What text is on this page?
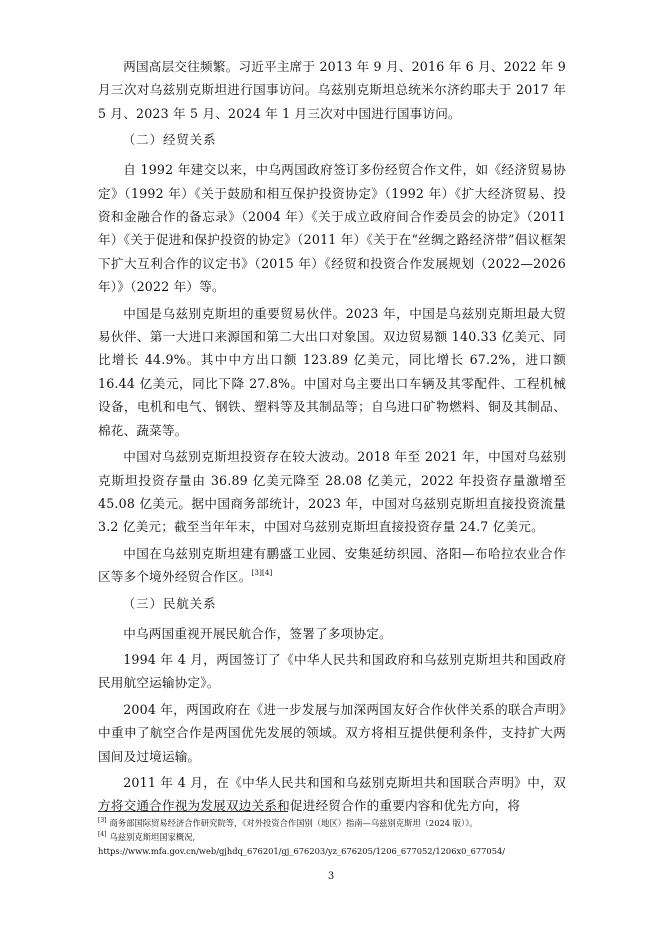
两国高层交往频繁。习近平主席于 2013 年 9 月、2016 年 6 月、2022 年 9 月三次对乌兹别克斯坦进行国事访问。乌兹别克斯坦总统米尔济约耶夫于 2017 年 5 月、2023 年 5 月、2024 年 1 月三次对中国进行国事访问。

（二）经贸关系

自 1992 年建交以来，中乌两国政府签订多份经贸合作文件，如《经济贸易协定》（1992 年）《关于鼓励和相互保护投资协定》（1992 年）《扩大经济贸易、投资和金融合作的备忘录》（2004 年）《关于成立政府间合作委员会的协定》（2011 年）《关于促进和保护投资的协定》（2011 年）《关于在“丝绸之路经济带”倡议框架下扩大互利合作的议定书》（2015 年）《经贸和投资合作发展规划（2022—2026 年）》（2022 年）等。

中国是乌兹别克斯坦的重要贸易伙伴。2023 年，中国是乌兹别克斯坦最大贸易伙伴、第一大进口来源国和第二大出口对象国。双边贸易额 140.33 亿美元、同比增长 44.9%。其中中方出口额 123.89 亿美元，同比增长 67.2%，进口额 16.44 亿美元，同比下降 27.8%。中国对乌主要出口车辆及其零配件、工程机械设备，电机和电气、钢铁、塑料等及其制品等；自乌进口矿物燃料、铜及其制品、棉花、蔬菜等。

中国对乌兹别克斯坦投资存在较大波动。2018 年至 2021 年，中国对乌兹别克斯坦投资存量由 36.89 亿美元降至 28.08 亿美元，2022 年投资存量激增至 45.08 亿美元。据中国商务部统计，2023 年，中国对乌兹别克斯坦直接投资流量 3.2 亿美元；截至当年年末，中国对乌兹别克斯坦直接投资存量 24.7 亿美元。

中国在乌兹别克斯坦建有鹏盛工业园、安集延纺织园、洛阳—布哈拉农业合作区等多个境外经贸合作区。[3][4]

（三）民航关系

中乌两国重视开展民航合作，签署了多项协定。

1994 年 4 月，两国签订了《中华人民共和国政府和乌兹别克斯坦共和国政府民用航空运输协定》。

2004 年，两国政府在《进一步发展与加深两国友好合作伙伴关系的联合声明》中重申了航空合作是两国优先发展的领域。双方将相互提供便利条件，支持扩大两国间及过境运输。

2011 年 4 月，在《中华人民共和国和乌兹别克斯坦共和国联合声明》中，双方将交通合作视为发展双边关系和促进经贸合作的重要内容和优先方向，将

[3] 商务部国际贸易经济合作研究院等，《对外投资合作国别（地区）指南—乌兹别克斯坦（2024 版）》。

[4] 乌兹别克斯坦国家概况,

https://www.mfa.gov.cn/web/gjhdq_676201/gj_676203/yz_676205/1206_677052/1206x0_677054/

3
